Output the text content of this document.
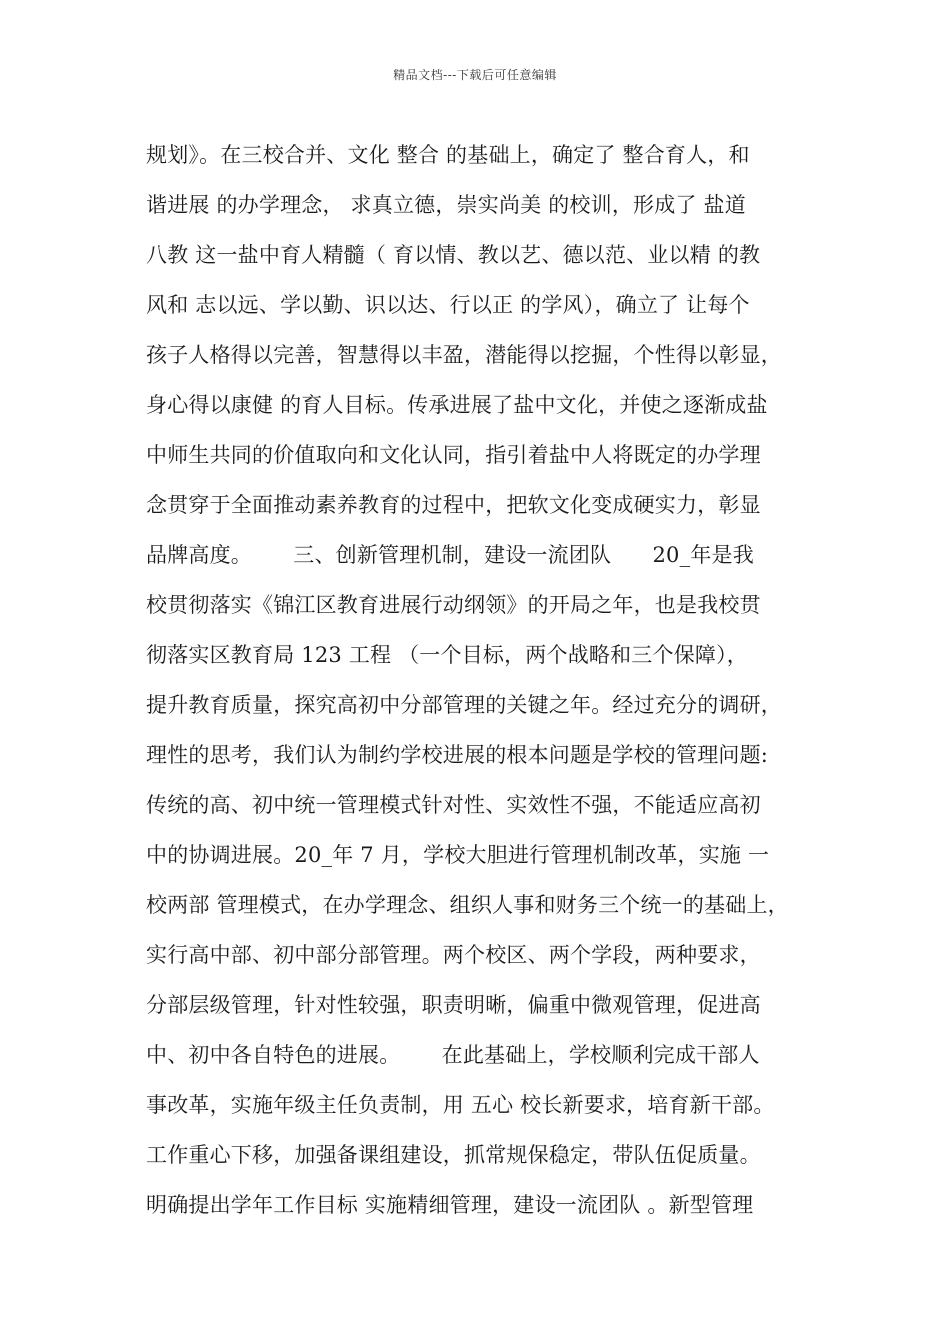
精品文档---下载后可任意编辑
规划》。在三校合并、文化 整合 的基础上，确定了 整合育人，和
谐进展 的办学理念， 求真立德，崇实尚美 的校训，形成了 盐道
八教 这一盐中育人精髓（ 育以情、教以艺、德以范、业以精 的教
风和 志以远、学以勤、识以达、行以正 的学风），确立了 让每个
孩子人格得以完善，智慧得以丰盈，潜能得以挖掘，个性得以彰显，
身心得以康健 的育人目标。传承进展了盐中文化，并使之逐渐成盐
中师生共同的价值取向和文化认同，指引着盐中人将既定的办学理
念贯穿于全面推动素养教育的过程中，把软文化变成硬实力，彰显
品牌高度。      三、创新管理机制，建设一流团队      20_年是我
校贯彻落实《锦江区教育进展行动纲领》的开局之年，也是我校贯
彻落实区教育局 123 工程 （一个目标，两个战略和三个保障），
提升教育质量，探究高初中分部管理的关键之年。经过充分的调研，
理性的思考，我们认为制约学校进展的根本问题是学校的管理问题:
传统的高、初中统一管理模式针对性、实效性不强，不能适应高初
中的协调进展。20_年 7 月，学校大胆进行管理机制改革，实施 一
校两部 管理模式，在办学理念、组织人事和财务三个统一的基础上，
实行高中部、初中部分部管理。两个校区、两个学段，两种要求，
分部层级管理，针对性较强，职责明晰，偏重中微观管理，促进高
中、初中各自特色的进展。      在此基础上，学校顺利完成干部人
事改革，实施年级主任负责制，用 五心 校长新要求，培育新干部。
工作重心下移，加强备课组建设，抓常规保稳定，带队伍促质量。
明确提出学年工作目标 实施精细管理，建设一流团队 。新型管理
